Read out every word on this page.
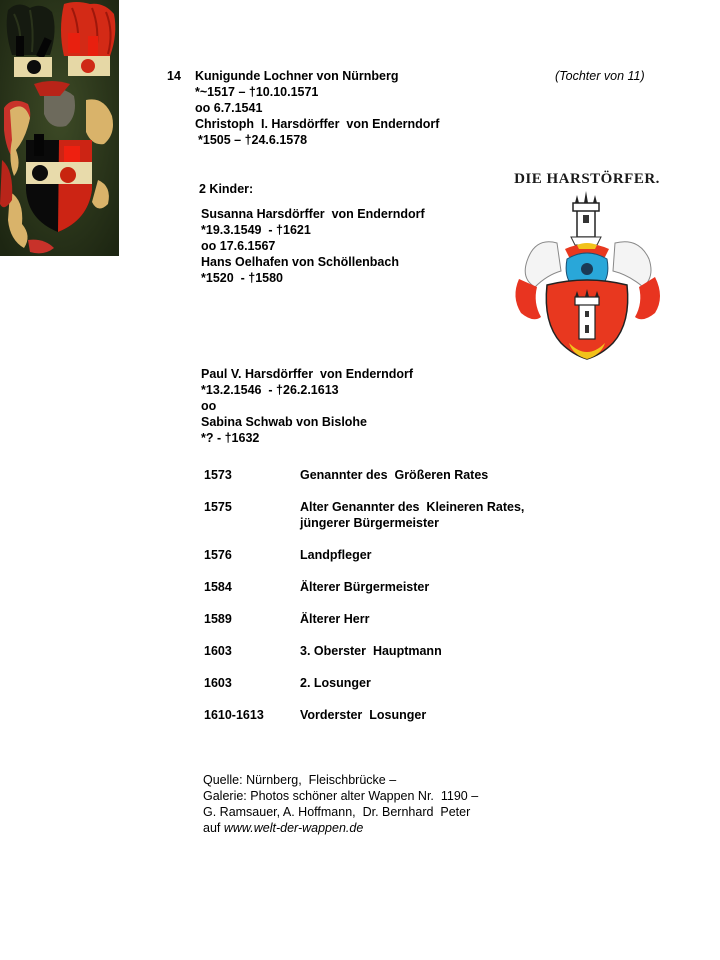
14 Kunigunde Lochner von Nürnberg
*~1517 – †10.10.1571
oo 6.7.1541
Christoph  I. Harsdörffer  von Enderndorf
*1505 – †24.6.1578
(Tochter von 11)
2 Kinder:
Susanna Harsdörffer  von Enderndorf
*19.3.1549  - †1621
oo 17.6.1567
Hans Oelhafen von Schöllenbach
*1520  - †1580
Paul V. Harsdörffer  von Enderndorf
*13.2.1546  - †26.2.1613
oo
Sabina Schwab von Bislohe
*? - †1632
DIE HARSTÖRFER.
1573	Genannter des  Größeren Rates
1575	Alter Genannter des  Kleineren Rates,
jüngerer Bürgermeister
1576	Landpfleger
1584	Älterer Bürgermeister
1589	Älterer Herr
1603	3. Oberster  Hauptmann
1603	2. Losunger
1610-1613	Vorderster  Losunger
Quelle: Nürnberg,  Fleischbrücke –
Galerie: Photos schöner alter Wappen Nr.  1190 –
G. Ramsauer, A. Hoffmann,  Dr. Bernhard  Peter
auf www.welt-der-wappen.de
